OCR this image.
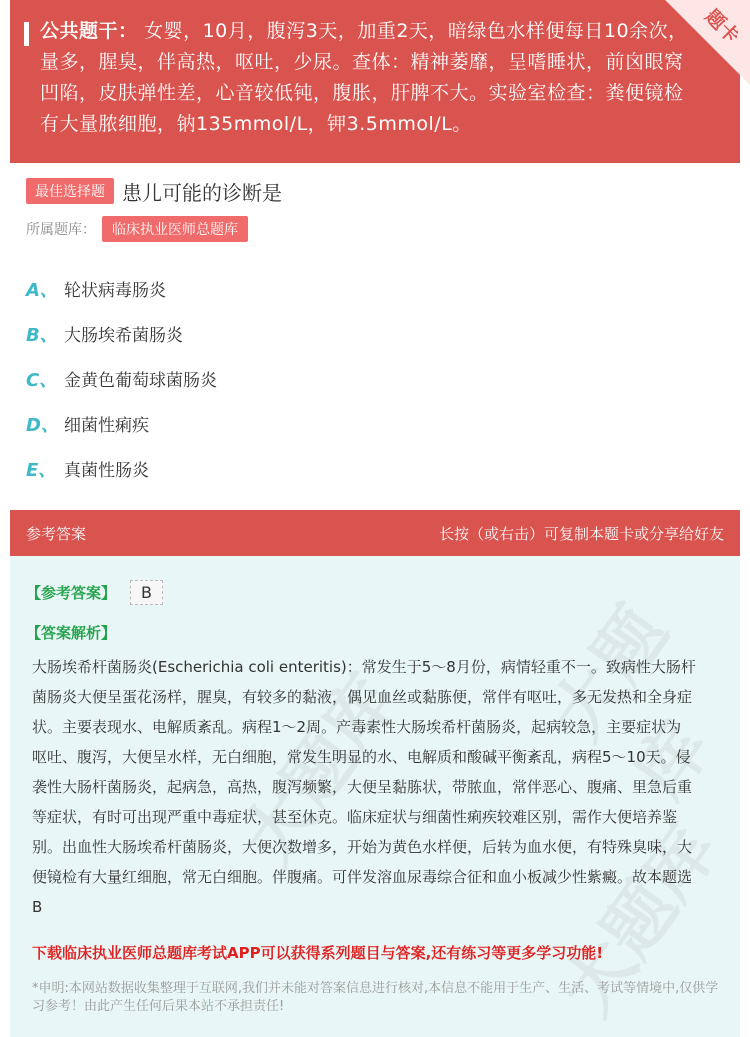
公共题干： 女婴，10月，腹泻3天，加重2天，暗绿色水样便每日10余次，量多，腥臭，伴高热，呕吐，少尿。查体：精神萎靡，呈嗜睡状，前囟眼窝凹陷，皮肤弹性差，心音较低钝，腹胀，肝脾不大。实验室检查：粪便镜检有大量脓细胞，钠135mmol/L，钾3.5mmol/L。
题卡
最佳选择题 患儿可能的诊断是
所属题库：	临床执业医师总题库
A、 轮状病毒肠炎
B、 大肠埃希菌肠炎
C、 金黄色葡萄球菌肠炎
D、 细菌性痢疾
E、 真菌性肠炎
参考答案	长按（或右击）可复制本题卡或分享给好友
大题库
大题库
大题库
【参考答案】	B
【答案解析】
大肠埃希杆菌肠炎(Escherichia coli enteritis)：常发生于5～8月份，病情轻重不一。致病性大肠杆菌肠炎大便呈蛋花汤样，腥臭，有较多的黏液，偶见血丝或黏胨便，常伴有呕吐，多无发热和全身症状。主要表现水、电解质紊乱。病程1～2周。产毒素性大肠埃希杆菌肠炎，起病较急，主要症状为呕吐、腹泻，大便呈水样，无白细胞，常发生明显的水、电解质和酸碱平衡紊乱，病程5～10天。侵袭性大肠杆菌肠炎，起病急，高热，腹泻频繁，大便呈黏胨状，带脓血，常伴恶心、腹痛、里急后重等症状，有时可出现严重中毒症状，甚至休克。临床症状与细菌性痢疾较难区别，需作大便培养鉴别。出血性大肠埃希杆菌肠炎，大便次数增多，开始为黄色水样便，后转为血水便，有特殊臭味，大便镜检有大量红细胞，常无白细胞。伴腹痛。可伴发溶血尿毒综合征和血小板减少性紫癜。故本题选B
下载临床执业医师总题库考试APP可以获得系列题目与答案,还有练习等更多学习功能!
*申明:本网站数据收集整理于互联网,我们并未能对答案信息进行核对,本信息不能用于生产、生活、考试等情境中,仅供学习参考！由此产生任何后果本站不承担责任!
